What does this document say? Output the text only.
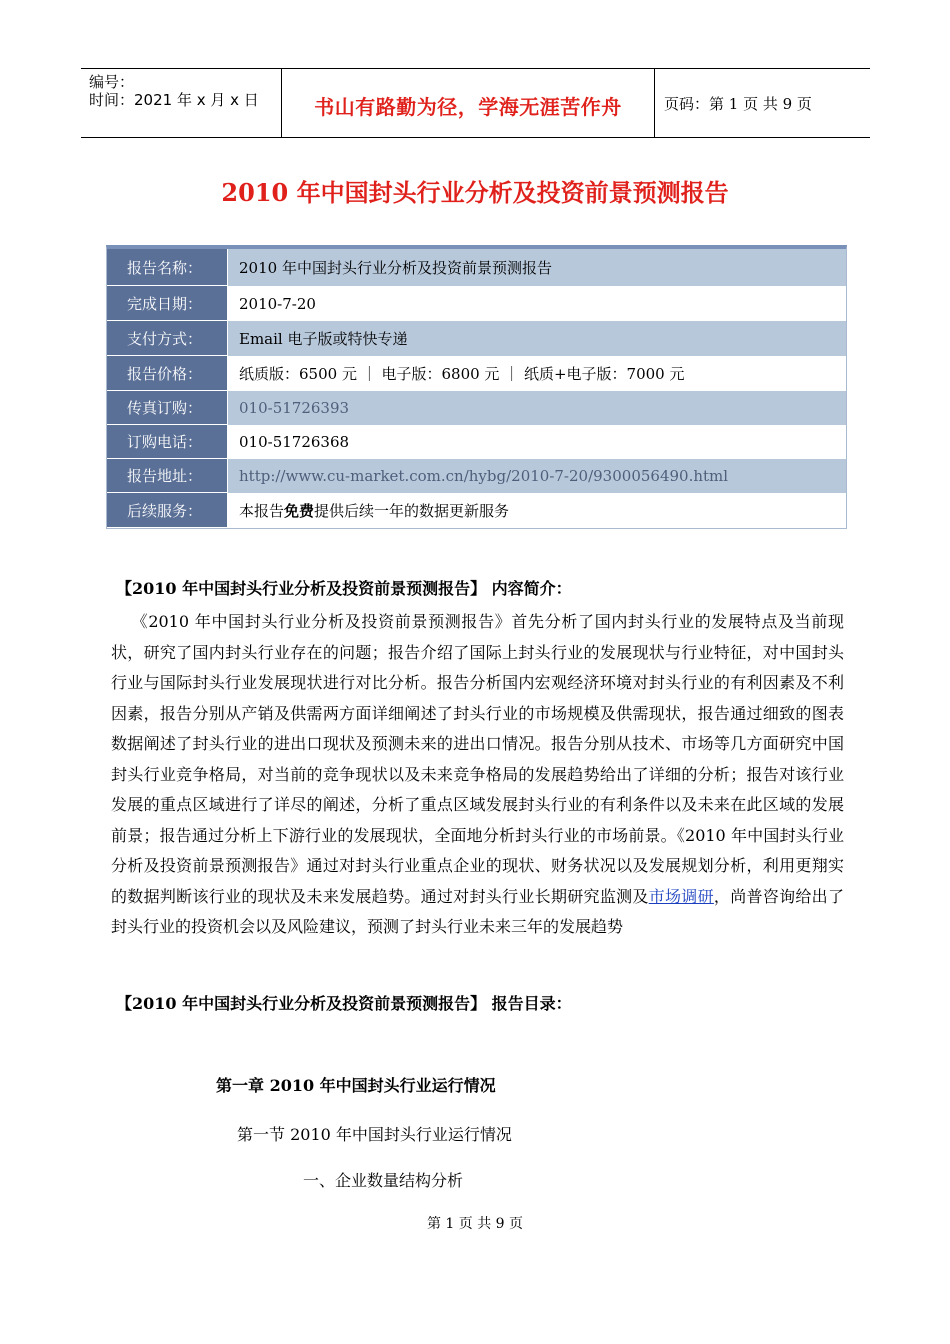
编号：
时间：2021 年 x 月 x 日	书山有路勤为径，学海无涯苦作舟	页码：第 1 页 共 9 页
2010 年中国封头行业分析及投资前景预测报告
报告名称：	2010 年中国封头行业分析及投资前景预测报告
完成日期：	2010-7-20
支付方式：	Email 电子版或特快专递
报告价格：	纸质版：6500 元 ｜ 电子版：6800 元 ｜ 纸质+电子版：7000 元
传真订购：	010-51726393
订购电话：	010-51726368
报告地址：	http://www.cu-market.com.cn/hybg/2010-7-20/9300056490.html
后续服务：	本报告 免费 提供后续一年的数据更新服务
【2010 年中国封头行业分析及投资前景预测报告】 内容简介：
《2010 年中国封头行业分析及投资前景预测报告》首先分析了国内封头行业的发展特点及当前现状，研究了国内封头行业存在的问题；报告介绍了国际上封头行业的发展现状与行业特征，对中国封头行业与国际封头行业发展现状进行对比分析。报告分析国内宏观经济环境对封头行业的有利因素及不利因素，报告分别从产销及供需两方面详细阐述了封头行业的市场规模及供需现状，报告通过细致的图表数据阐述了封头行业的进出口现状及预测未来的进出口情况。报告分别从技术、市场等几方面研究中国封头行业竞争格局，对当前的竞争现状以及未来竞争格局的发展趋势给出了详细的分析；报告对该行业发展的重点区域进行了详尽的阐述，分析了重点区域发展封头行业的有利条件以及未来在此区域的发展前景；报告通过分析上下游行业的发展现状，全面地分析封头行业的市场前景。《2010 年中国封头行业分析及投资前景预测报告》通过对封头行业重点企业的现状、财务状况以及发展规划分析，利用更翔实的数据判断该行业的现状及未来发展趋势。通过对封头行业长期研究监测及市场调研，尚普咨询给出了封头行业的投资机会以及风险建议，预测了封头行业未来三年的发展趋势
【2010 年中国封头行业分析及投资前景预测报告】 报告目录：
第一章 2010 年中国封头行业运行情况
第一节 2010 年中国封头行业运行情况
一、企业数量结构分析
第 1 页 共 9 页
